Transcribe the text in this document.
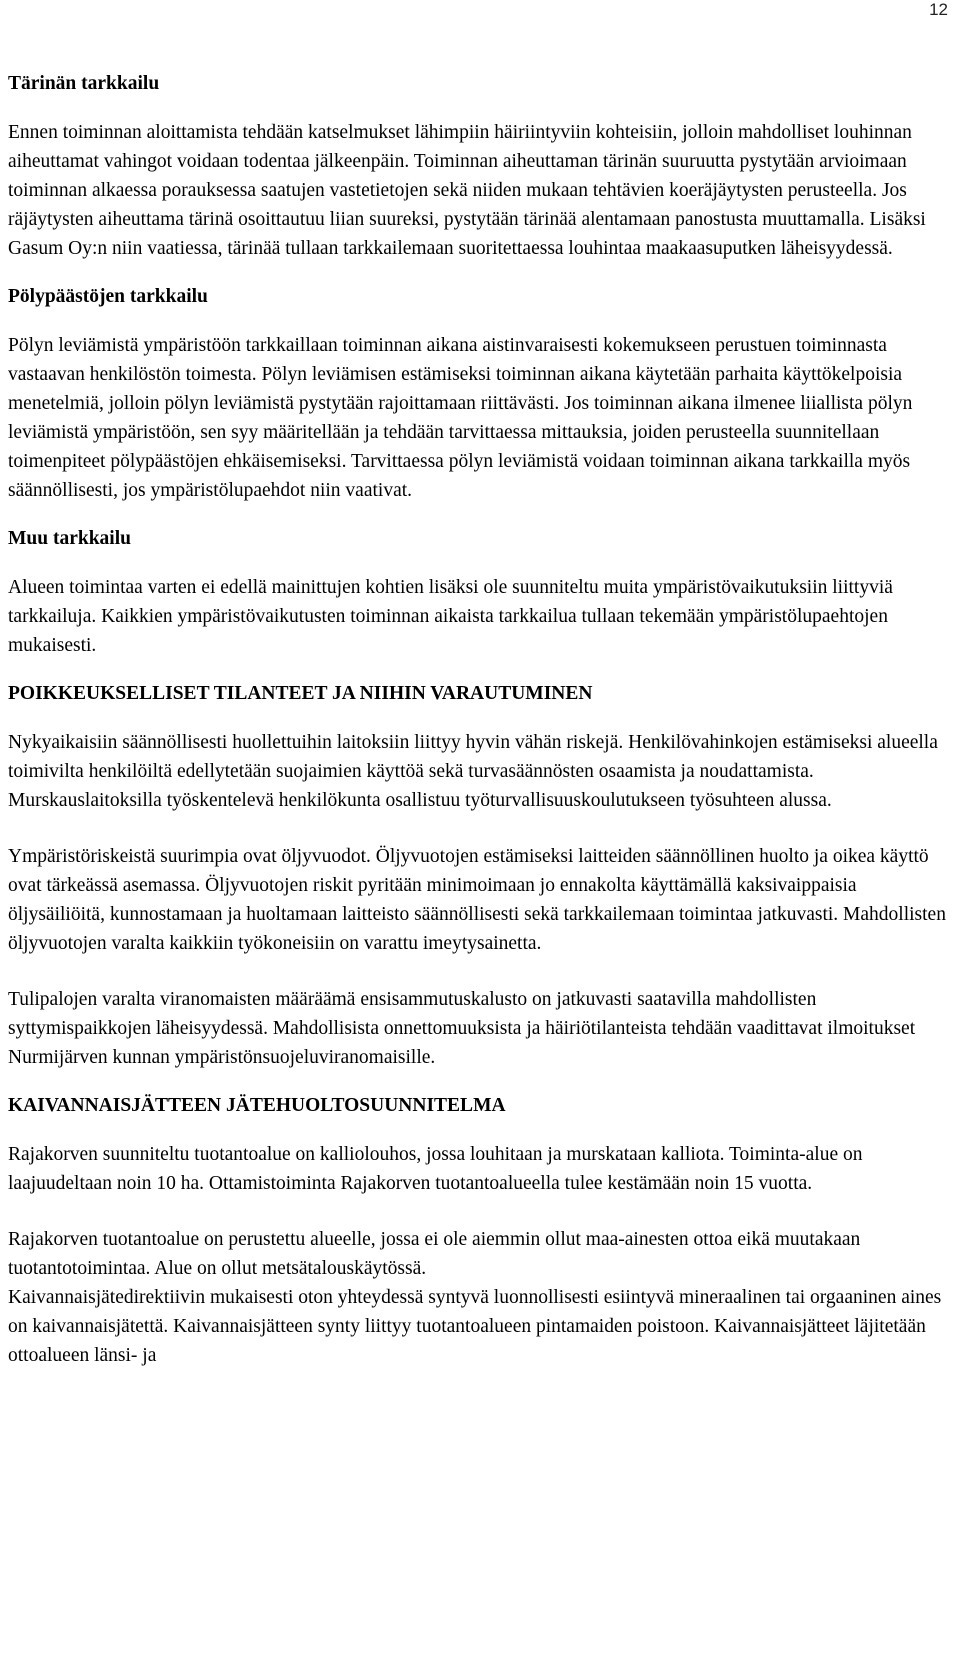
12
Tärinän tarkkailu

Ennen toiminnan aloittamista tehdään katselmukset lähimpiin häiriintyviin kohteisiin, jolloin mahdolliset louhinnan aiheuttamat vahingot voidaan todentaa jälkeenpäin. Toiminnan aiheuttaman tärinän suuruutta pystytään arvioimaan toiminnan alkaessa porauksessa saatujen vastetietojen sekä niiden mukaan tehtävien koeräjäytysten perusteella. Jos räjäytysten aiheuttama tärinä osoittautuu liian suureksi, pystytään tärinää alentamaan panostusta muuttamalla. Lisäksi Gasum Oy:n niin vaatiessa, tärinää tullaan tarkkailemaan suoritettaessa louhintaa maakaasuputken läheisyydessä.

Pölypäästöjen tarkkailu

Pölyn leviämistä ympäristöön tarkkaillaan toiminnan aikana aistinvaraisesti kokemukseen perustuen toiminnasta vastaavan henkilöstön toimesta. Pölyn leviämisen estämiseksi toiminnan aikana käytetään parhaita käyttökelpoisia menetelmiä, jolloin pölyn leviämistä pystytään rajoittamaan riittävästi. Jos toiminnan aikana ilmenee liiallista pölyn leviämistä ympäristöön, sen syy määritellään ja tehdään tarvittaessa mittauksia, joiden perusteella suunnitellaan toimenpiteet pölypäästöjen ehkäisemiseksi. Tarvittaessa pölyn leviämistä voidaan toiminnan aikana tarkkailla myös säännöllisesti, jos ympäristölupaehdot niin vaativat.

Muu tarkkailu

Alueen toimintaa varten ei edellä mainittujen kohtien lisäksi ole suunniteltu muita ympäristövaikutuksiin liittyviä tarkkailuja. Kaikkien ympäristövaikutusten toiminnan aikaista tarkkailua tullaan tekemään ympäristölupaehtojen mukaisesti.

POIKKEUKSELLISET TILANTEET JA NIIHIN VARAUTUMINEN

Nykyaikaisiin säännöllisesti huollettuihin laitoksiin liittyy hyvin vähän riskejä. Henkilövahinkojen estämiseksi alueella toimivilta henkilöiltä edellytetään suojaimien käyttöä sekä turvasäännösten osaamista ja noudattamista. Murskauslaitoksilla työskentelevä henkilökunta osallistuu työturvallisuuskoulutukseen työsuhteen alussa.

Ympäristöriskeistä suurimpia ovat öljyvuodot. Öljyvuotojen estämiseksi laitteiden säännöllinen huolto ja oikea käyttö ovat tärkeässä asemassa. Öljyvuotojen riskit pyritään minimoimaan jo ennakolta käyttämällä kaksivaippaisia öljysäiliöitä, kunnostamaan ja huoltamaan laitteisto säännöllisesti sekä tarkkailemaan toimintaa jatkuvasti. Mahdollisten öljyvuotojen varalta kaikkiin työkoneisiin on varattu imeytysainetta.

Tulipalojen varalta viranomaisten määräämä ensisammutuskalusto on jatkuvasti saatavilla mahdollisten syttymispaikkojen läheisyydessä. Mahdollisista onnettomuuksista ja häiriötilanteista tehdään vaadittavat ilmoitukset Nurmijärven kunnan ympäristönsuojeluviranomaisille.

KAIVANNAISJÄTTEEN JÄTEHUOLTOSUUNNITELMA

Rajakorven suunniteltu tuotantoalue on kalliolouhos, jossa louhitaan ja murskataan kalliota. Toiminta-alue on laajuudeltaan noin 10 ha. Ottamistoiminta Rajakorven tuotantoalueella tulee kestämään noin 15 vuotta.

Rajakorven tuotantoalue on perustettu alueelle, jossa ei ole aiemmin ollut maa-ainesten ottoa eikä muutakaan tuotantotoimintaa. Alue on ollut metsätalouskäytössä.

Kaivannaisjätedirektiivin mukaisesti oton yhteydessä syntyvä luonnollisesti esiintyvä mineraalinen tai orgaaninen aines on kaivannaisjätettä. Kaivannaisjätteen synty liittyy tuotantoalueen pintamaiden poistoon. Kaivannaisjätteet läjitetään ottoalueen länsi- ja
